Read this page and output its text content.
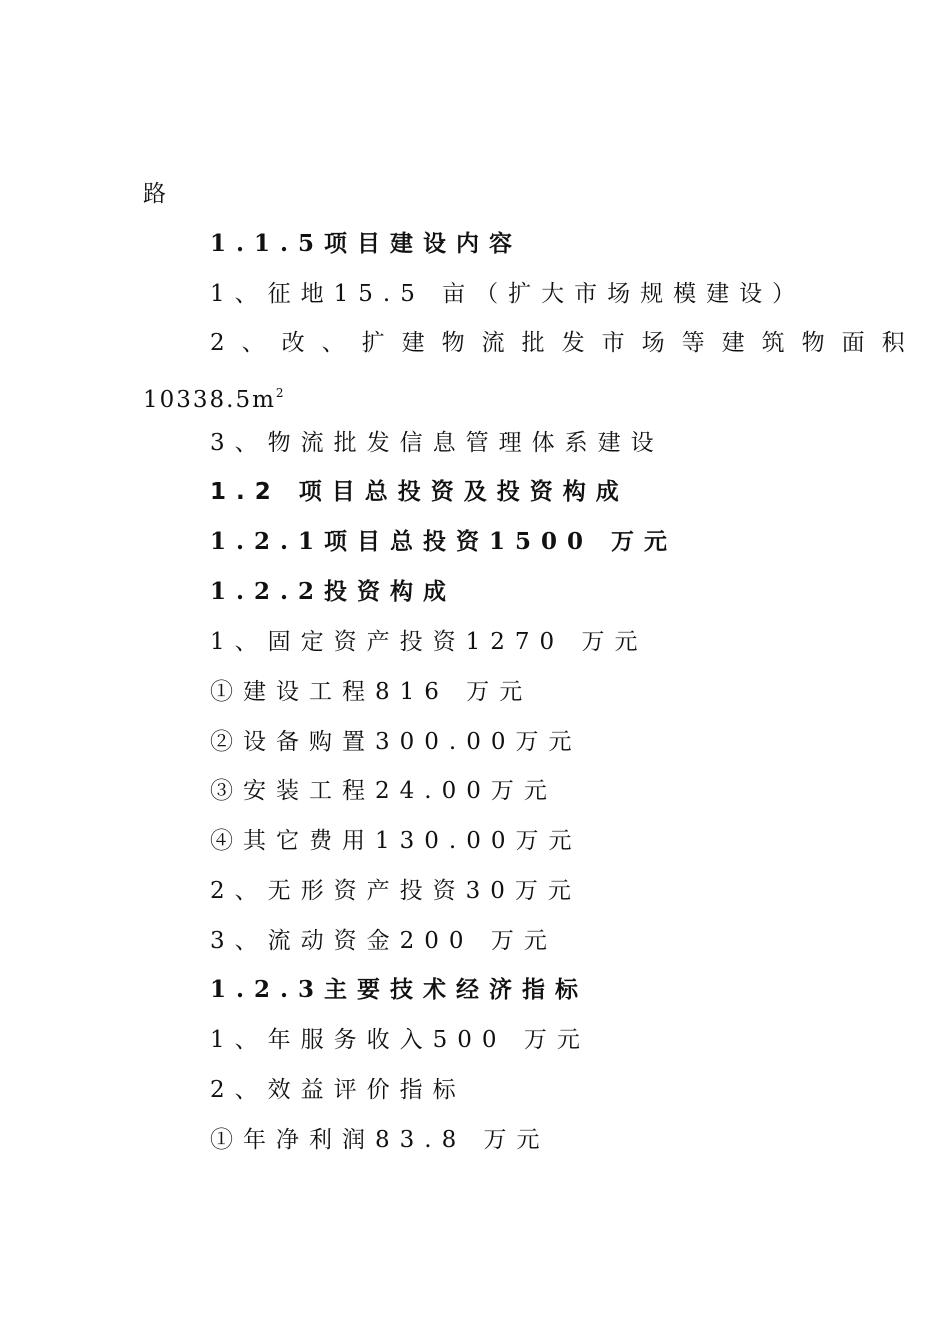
路
1.1.5项目建设内容
1、征地15.5 亩（扩大市场规模建设）
2、改、扩建物流批发市场等建筑物面积
$10338.5m^2$
3、物流批发信息管理体系建设
1.2 项目总投资及投资构成
1.2.1项目总投资1500 万元
1.2.2投资构成
1、固定资产投资1270 万元
①建设工程816 万元
②设备购置300.00万元
③安装工程24.00万元
④其它费用130.00万元
2、无形资产投资30万元
3、流动资金200 万元
1.2.3主要技术经济指标
1、年服务收入500 万元
2、效益评价指标
①年净利润83.8 万元
